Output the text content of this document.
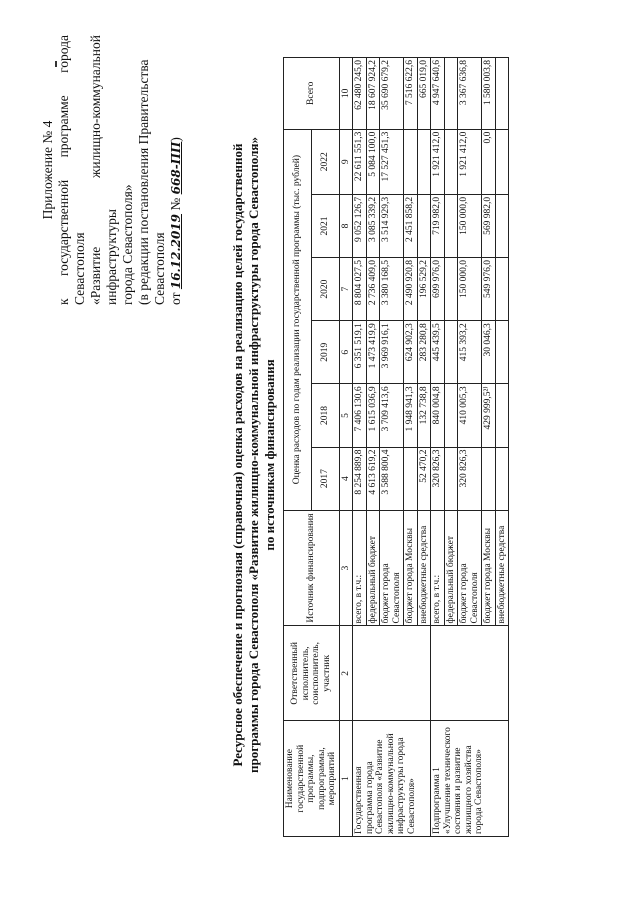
Приложение № 4 к государственной программе города Севастополя «Развитие жилищно-коммунальной инфраструктуры города Севастополя» (в редакции постановления Правительства Севастополя от 16.12.2019 № 668-ПП)
Ресурсное обеспечение и прогнозная (справочная) оценка расходов на реализацию целей государственной программы города Севастополя «Развитие жилищно-коммунальной инфраструктуры города Севастополя» по источникам финансирования
Наименование государственной программы, подпрограммы, мероприятий	Ответственный исполнитель, соисполнитель, участник	Источник финансирования	Оценка расходов по годам реализации государственной программы (тыс. рублей)						Всего
			2017	2018	2019	2020	2021	2022	
1	2	3	4	5	6	7	8	9	10
Государственная программа города Севастополя «Развитие жилищно-коммунальной инфраструктуры города Севастополя»		всего, в т.ч.:	8 254 889,8	7 406 130,6	6 351 519,1	8 804 027,5	9 052 126,7	22 611 551,3	62 480 245,0
		федеральный бюджет	4 613 619,2	1 615 036,9	1 473 419,9	2 736 409,0	3 085 339,2	5 084 100,0	18 607 924,2
		бюджет города Севастополя	3 588 800,4	3 709 413,6	3 969 916,1	3 380 168,5	3 514 929,3	17 527 451,3	35 690 679,2
		бюджет города Москвы		1 948 941,3	624 902,3	2 490 920,8	2 451 858,2		7 516 622,6
		внебюджетные средства	52 470,2	132 738,8	283 280,8	196 529,2			665 019,0
Подпрограмма 1 «Улучшение технического состояния и развитие жилищного хозяйства города Севастополя»		всего, в т.ч.:	320 826,3	840 004,8	445 439,5	699 976,0	719 982,0	1 921 412,0	4 947 640,6
		федеральный бюджет							
		бюджет города Севастополя	320 826,3	410 005,3	415 393,2	150 000,0	150 000,0	1 921 412,0	3 367 636,8
		бюджет города Москвы		429 999,5²⁾	30 046,3	549 976,0	569 982,0	0,0	1 580 003,8
		внебюджетные средства							
